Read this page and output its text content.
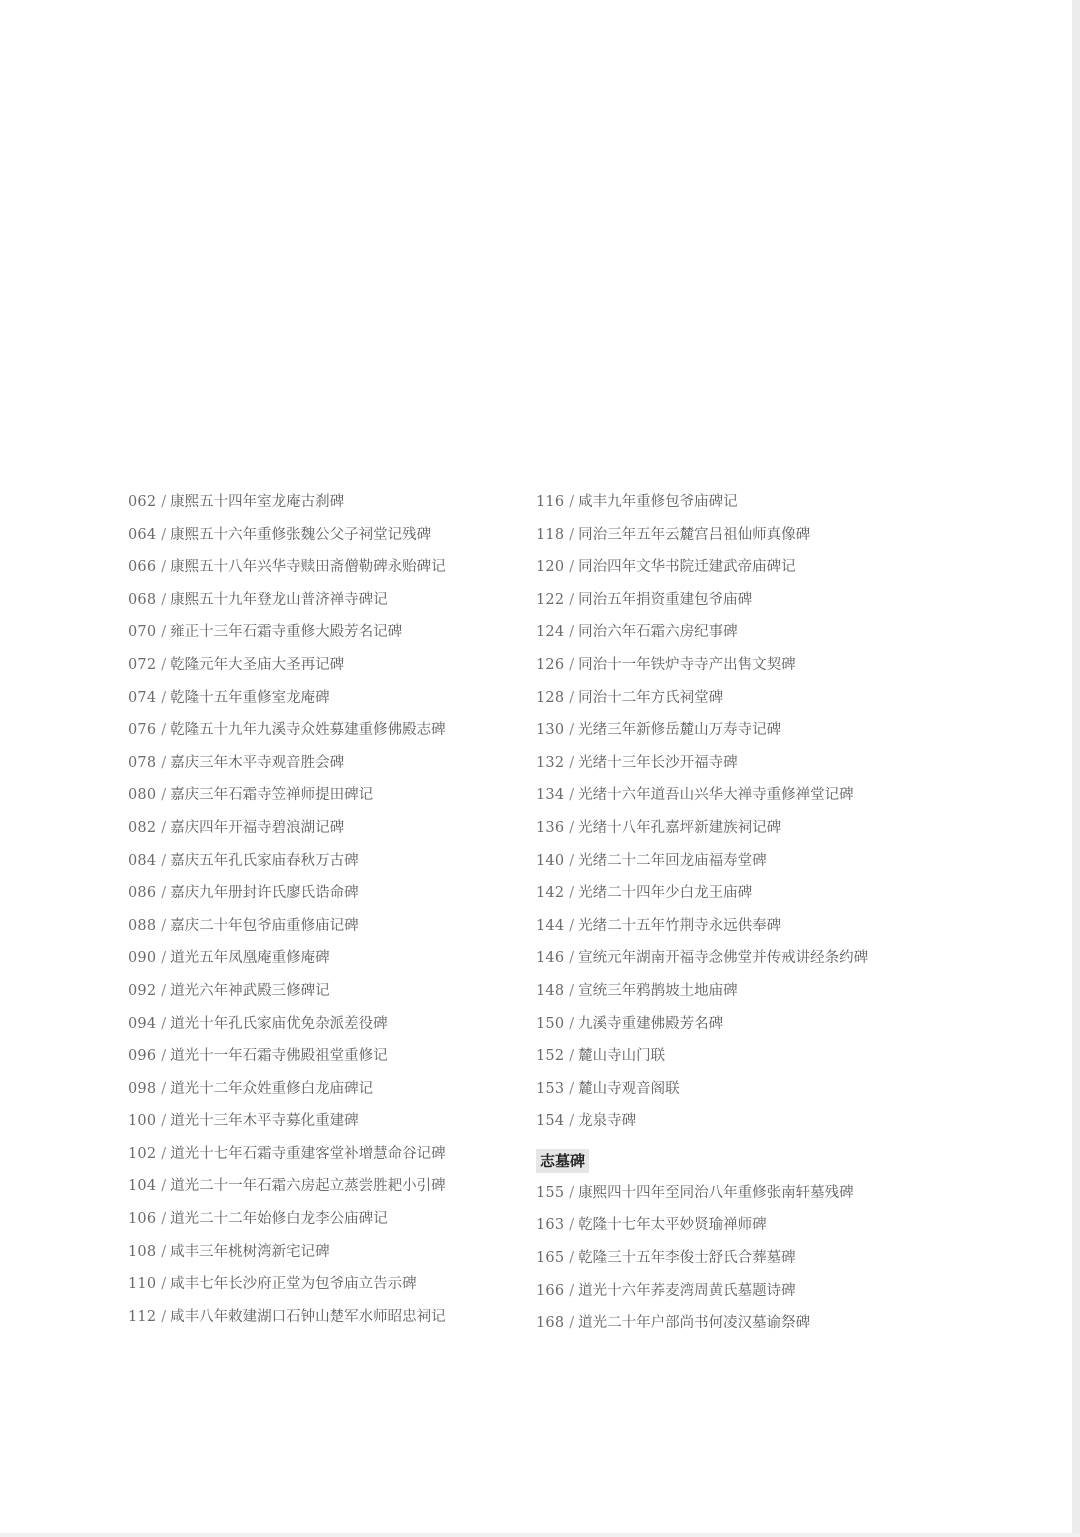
062 / 康熙五十四年室龙庵古刹碑
064 / 康熙五十六年重修张魏公父子祠堂记残碑
066 / 康熙五十八年兴华寺赎田斋僧勒碑永贻碑记
068 / 康熙五十九年登龙山普济禅寺碑记
070 / 雍正十三年石霜寺重修大殿芳名记碑
072 / 乾隆元年大圣庙大圣再记碑
074 / 乾隆十五年重修室龙庵碑
076 / 乾隆五十九年九溪寺众姓募建重修佛殿志碑
078 / 嘉庆三年木平寺观音胜会碑
080 / 嘉庆三年石霜寺笠禅师提田碑记
082 / 嘉庆四年开福寺碧浪湖记碑
084 / 嘉庆五年孔氏家庙春秋万古碑
086 / 嘉庆九年册封许氏廖氏诰命碑
088 / 嘉庆二十年包爷庙重修庙记碑
090 / 道光五年凤凰庵重修庵碑
092 / 道光六年神武殿三修碑记
094 / 道光十年孔氏家庙优免杂派差役碑
096 / 道光十一年石霜寺佛殿祖堂重修记
098 / 道光十二年众姓重修白龙庙碑记
100 / 道光十三年木平寺募化重建碑
102 / 道光十七年石霜寺重建客堂补增慧命谷记碑
104 / 道光二十一年石霜六房起立蒸尝胜耙小引碑
106 / 道光二十二年始修白龙李公庙碑记
108 / 咸丰三年桃树湾新宅记碑
110 / 咸丰七年长沙府正堂为包爷庙立告示碑
112 / 咸丰八年敕建湖口石钟山楚军水师昭忠祠记
116 / 咸丰九年重修包爷庙碑记
118 / 同治三年五年云麓宫吕祖仙师真像碑
120 / 同治四年文华书院迁建武帝庙碑记
122 / 同治五年捐资重建包爷庙碑
124 / 同治六年石霜六房纪事碑
126 / 同治十一年铁炉寺寺产出售文契碑
128 / 同治十二年方氏祠堂碑
130 / 光绪三年新修岳麓山万寿寺记碑
132 / 光绪十三年长沙开福寺碑
134 / 光绪十六年道吾山兴华大禅寺重修禅堂记碑
136 / 光绪十八年孔嘉坪新建族祠记碑
140 / 光绪二十二年回龙庙福寿堂碑
142 / 光绪二十四年少白龙王庙碑
144 / 光绪二十五年竹荆寺永远供奉碑
146 / 宣统元年湖南开福寺念佛堂并传戒讲经条约碑
148 / 宣统三年鸦鹊坡土地庙碑
150 / 九溪寺重建佛殿芳名碑
152 / 麓山寺山门联
153 / 麓山寺观音阁联
154 / 龙泉寺碑
志墓碑
155 / 康熙四十四年至同治八年重修张南轩墓残碑
163 / 乾隆十七年太平妙贤瑜禅师碑
165 / 乾隆三十五年李俊士舒氏合葬墓碑
166 / 道光十六年荞麦湾周黄氏墓题诗碑
168 / 道光二十年户部尚书何凌汉墓谕祭碑
